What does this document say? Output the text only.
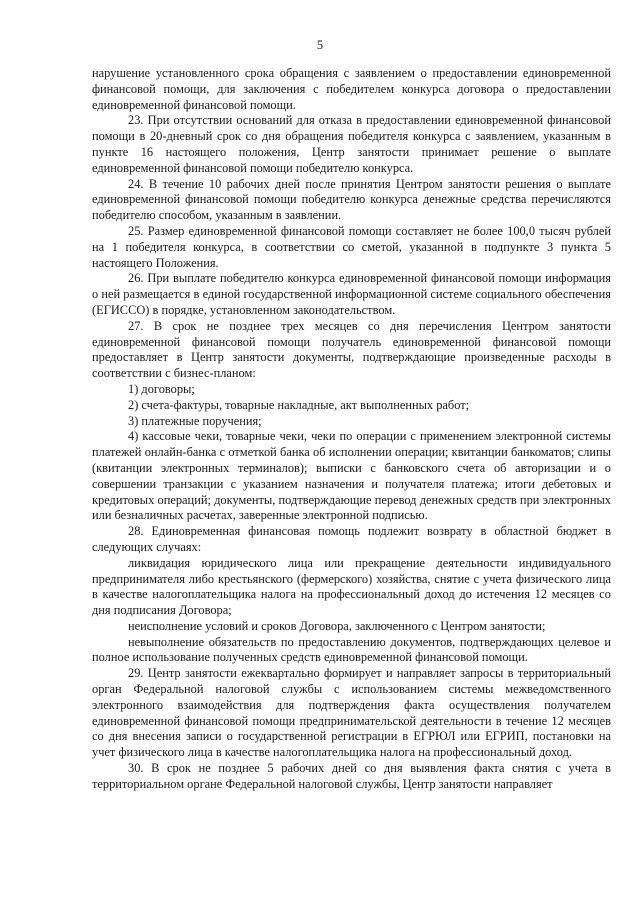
5

нарушение установленного срока обращения с заявлением о предоставлении единовременной финансовой помощи, для заключения с победителем конкурса договора о предоставлении единовременной финансовой помощи.

23. При отсутствии оснований для отказа в предоставлении единовременной финансовой помощи в 20-дневный срок со дня обращения победителя конкурса с заявлением, указанным в пункте 16 настоящего положения, Центр занятости принимает решение о выплате единовременной финансовой помощи победителю конкурса.

24. В течение 10 рабочих дней после принятия Центром занятости решения о выплате единовременной финансовой помощи победителю конкурса денежные средства перечисляются победителю способом, указанным в заявлении.

25. Размер единовременной финансовой помощи составляет не более 100,0 тысяч рублей на 1 победителя конкурса, в соответствии со сметой, указанной в подпункте 3 пункта 5 настоящего Положения.

26. При выплате победителю конкурса единовременной финансовой помощи информация о ней размещается в единой государственной информационной системе социального обеспечения (ЕГИССО) в порядке, установленном законодательством.

27. В срок не позднее трех месяцев со дня перечисления Центром занятости единовременной финансовой помощи получатель единовременной финансовой помощи предоставляет в Центр занятости документы, подтверждающие произведенные расходы в соответствии с бизнес-планом:

1) договоры;

2) счета-фактуры, товарные накладные, акт выполненных работ;

3) платежные поручения;

4) кассовые чеки, товарные чеки, чеки по операции с применением электронной системы платежей онлайн-банка с отметкой банка об исполнении операции; квитанции банкоматов; слипы (квитанции электронных терминалов); выписки с банковского счета об авторизации и о совершении транзакции с указанием назначения и получателя платежа; итоги дебетовых и кредитовых операций; документы, подтверждающие перевод денежных средств при электронных или безналичных расчетах, заверенные электронной подписью.

28. Единовременная финансовая помощь подлежит возврату в областной бюджет в следующих случаях:

ликвидация юридического лица или прекращение деятельности индивидуального предпринимателя либо крестьянского (фермерского) хозяйства, снятие с учета физического лица в качестве налогоплательщика налога на профессиональный доход до истечения 12 месяцев со дня подписания Договора;

неисполнение условий и сроков Договора, заключенного с Центром занятости;

невыполнение обязательств по предоставлению документов, подтверждающих целевое и полное использование полученных средств единовременной финансовой помощи.

29. Центр занятости ежеквартально формирует и направляет запросы в территориальный орган Федеральной налоговой службы с использованием системы межведомственного электронного взаимодействия для подтверждения факта осуществления получателем единовременной финансовой помощи предпринимательской деятельности в течение 12 месяцев со дня внесения записи о государственной регистрации в ЕГРЮЛ или ЕГРИП, постановки на учет физического лица в качестве налогоплательщика налога на профессиональный доход.

30. В срок не позднее 5 рабочих дней со дня выявления факта снятия с учета в территориальном органе Федеральной налоговой службы, Центр занятости направляет
